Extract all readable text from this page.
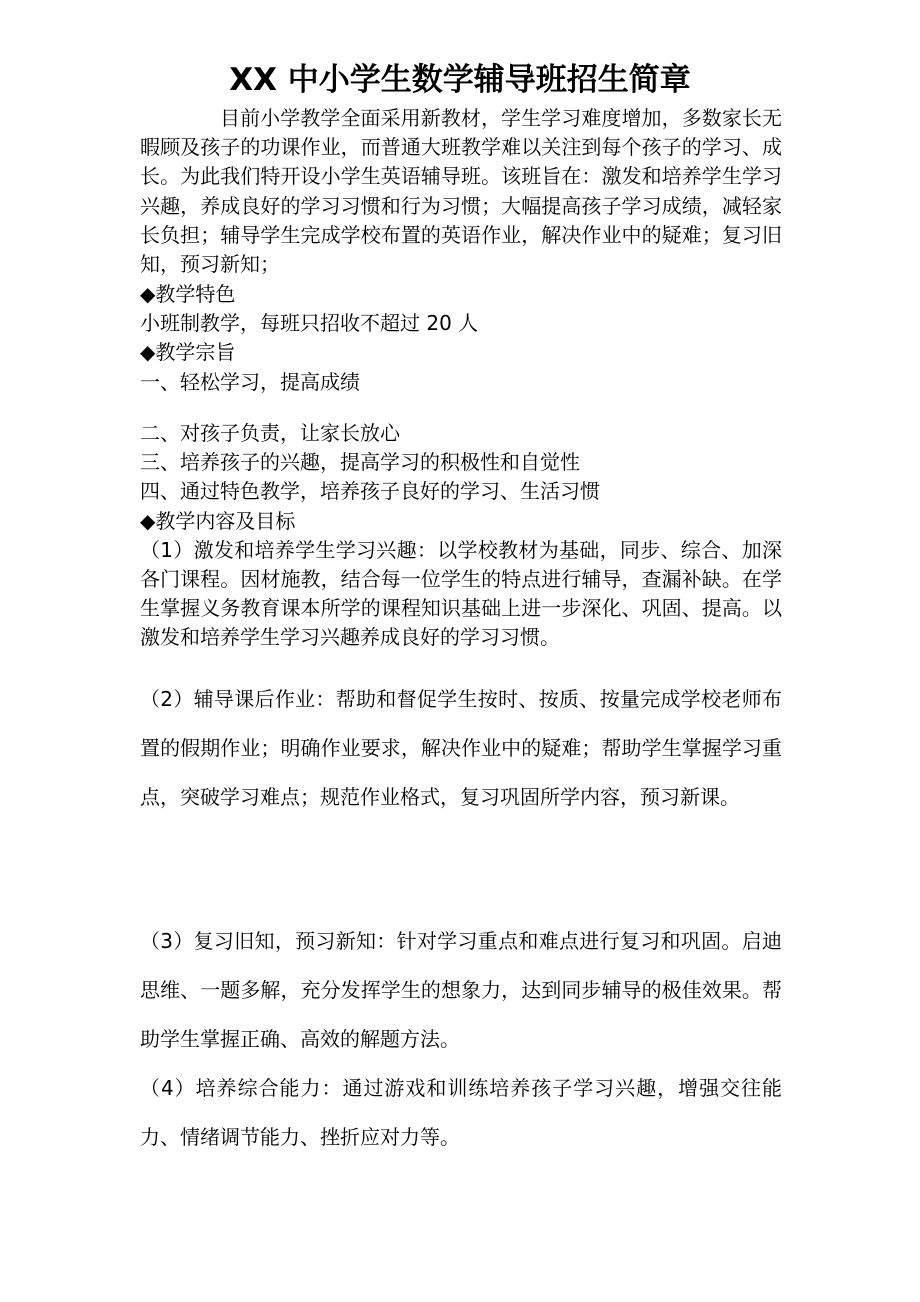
XX 中小学生数学辅导班招生简章

目前小学教学全面采用新教材，学生学习难度增加，多数家长无暇顾及孩子的功课作业，而普通大班教学难以关注到每个孩子的学习、成长。为此我们特开设小学生英语辅导班。该班旨在：激发和培养学生学习兴趣，养成良好的学习习惯和行为习惯；大幅提高孩子学习成绩，减轻家长负担；辅导学生完成学校布置的英语作业，解决作业中的疑难；复习旧知，预习新知；

◆教学特色

小班制教学，每班只招收不超过 20 人

◆教学宗旨

一、轻松学习，提高成绩

二、对孩子负责，让家长放心

三、培养孩子的兴趣，提高学习的积极性和自觉性

四、通过特色教学，培养孩子良好的学习、生活习惯

◆教学内容及目标

（1）激发和培养学生学习兴趣：以学校教材为基础，同步、综合、加深各门课程。因材施教，结合每一位学生的特点进行辅导，查漏补缺。在学生掌握义务教育课本所学的课程知识基础上进一步深化、巩固、提高。以激发和培养学生学习兴趣养成良好的学习习惯。

（2）辅导课后作业：帮助和督促学生按时、按质、按量完成学校老师布置的假期作业；明确作业要求，解决作业中的疑难；帮助学生掌握学习重点，突破学习难点；规范作业格式，复习巩固所学内容，预习新课。

（3）复习旧知，预习新知：针对学习重点和难点进行复习和巩固。启迪思维、一题多解，充分发挥学生的想象力，达到同步辅导的极佳效果。帮助学生掌握正确、高效的解题方法。

（4）培养综合能力：通过游戏和训练培养孩子学习兴趣，增强交往能力、情绪调节能力、挫折应对力等。
